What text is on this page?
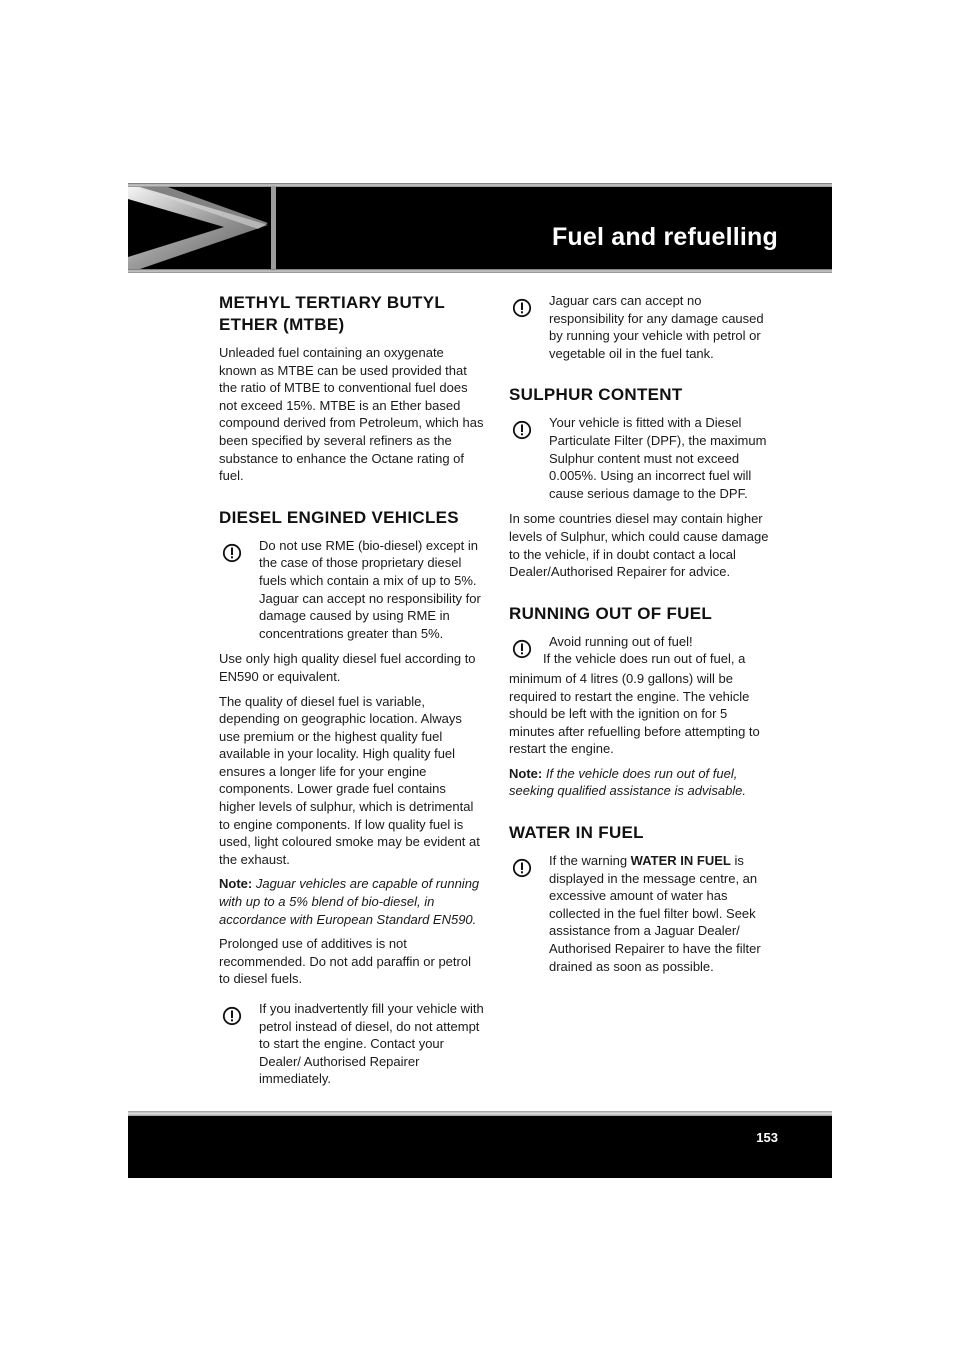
Fuel and refuelling
METHYL TERTIARY BUTYL ETHER (MTBE)

Unleaded fuel containing an oxygenate known as MTBE can be used provided that the ratio of MTBE to conventional fuel does not exceed 15%. MTBE is an Ether based compound derived from Petroleum, which has been specified by several refiners as the substance to enhance the Octane rating of fuel.

DIESEL ENGINED VEHICLES

Do not use RME (bio-diesel) except in the case of those proprietary diesel fuels which contain a mix of up to 5%. Jaguar can accept no responsibility for damage caused by using RME in concentrations greater than 5%.

Use only high quality diesel fuel according to EN590 or equivalent.

The quality of diesel fuel is variable, depending on geographic location. Always use premium or the highest quality fuel available in your locality. High quality fuel ensures a longer life for your engine components. Lower grade fuel contains higher levels of sulphur, which is detrimental to engine components. If low quality fuel is used, light coloured smoke may be evident at the exhaust.

Note: Jaguar vehicles are capable of running with up to a 5% blend of bio-diesel, in accordance with European Standard EN590.

Prolonged use of additives is not recommended. Do not add paraffin or petrol to diesel fuels.

If you inadvertently fill your vehicle with petrol instead of diesel, do not attempt to start the engine. Contact your Dealer/ Authorised Repairer immediately.

Jaguar cars can accept no responsibility for any damage caused by running your vehicle with petrol or vegetable oil in the fuel tank.

SULPHUR CONTENT

Your vehicle is fitted with a Diesel Particulate Filter (DPF), the maximum Sulphur content must not exceed 0.005%. Using an incorrect fuel will cause serious damage to the DPF.

In some countries diesel may contain higher levels of Sulphur, which could cause damage to the vehicle, if in doubt contact a local Dealer/Authorised Repairer for advice.

RUNNING OUT OF FUEL

Avoid running out of fuel!

If the vehicle does run out of fuel, a

minimum of 4 litres (0.9 gallons) will be required to restart the engine. The vehicle should be left with the ignition on for 5 minutes after refuelling before attempting to restart the engine.

Note: If the vehicle does run out of fuel, seeking qualified assistance is advisable.

WATER IN FUEL

If the warning WATER IN FUEL is displayed in the message centre, an excessive amount of water has collected in the fuel filter bowl. Seek assistance from a Jaguar Dealer/ Authorised Repairer to have the filter drained as soon as possible.

153
